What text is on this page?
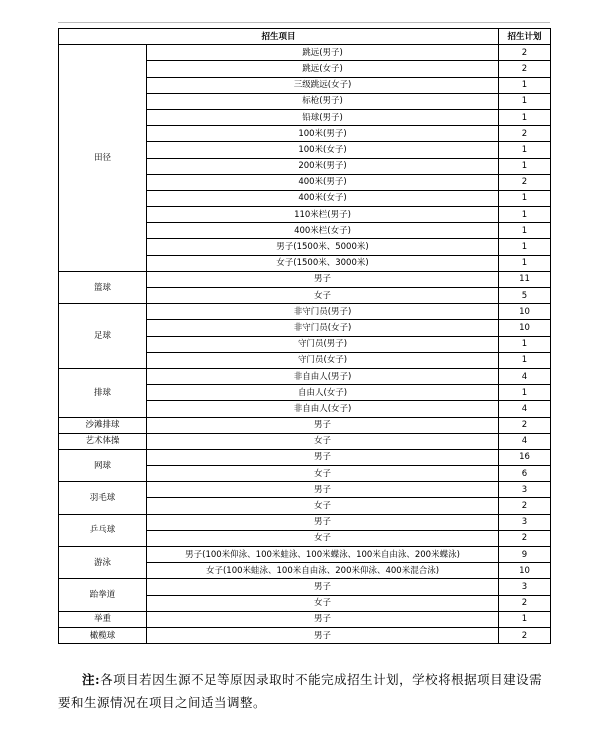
招生项目		招生计划
田径	跳远(男子)	2
	跳远(女子)	2
	三级跳远(女子)	1
	标枪(男子)	1
	铅球(男子)	1
	100米(男子)	2
	100米(女子)	1
	200米(男子)	1
	400米(男子)	2
	400米(女子)	1
	110米栏(男子)	1
	400米栏(女子)	1
	男子(1500米、5000米)	1
	女子(1500米、3000米)	1
篮球	男子	11
	女子	5
足球	非守门员(男子)	10
	非守门员(女子)	10
	守门员(男子)	1
	守门员(女子)	1
排球	非自由人(男子)	4
	自由人(女子)	1
	非自由人(女子)	4
沙滩排球	男子	2
艺术体操	女子	4
网球	男子	16
	女子	6
羽毛球	男子	3
	女子	2
乒乓球	男子	3
	女子	2
游泳	男子(100米仰泳、100米蛙泳、100米蝶泳、100米自由泳、200米蝶泳)	9
	女子(100米蛙泳、100米自由泳、200米仰泳、400米混合泳)	10
跆拳道	男子	3
	女子	2
举重	男子	1
橄榄球	男子	2
注:各项目若因生源不足等原因录取时不能完成招生计划，学校将根据项目建设需要和生源情况在项目之间适当调整。
